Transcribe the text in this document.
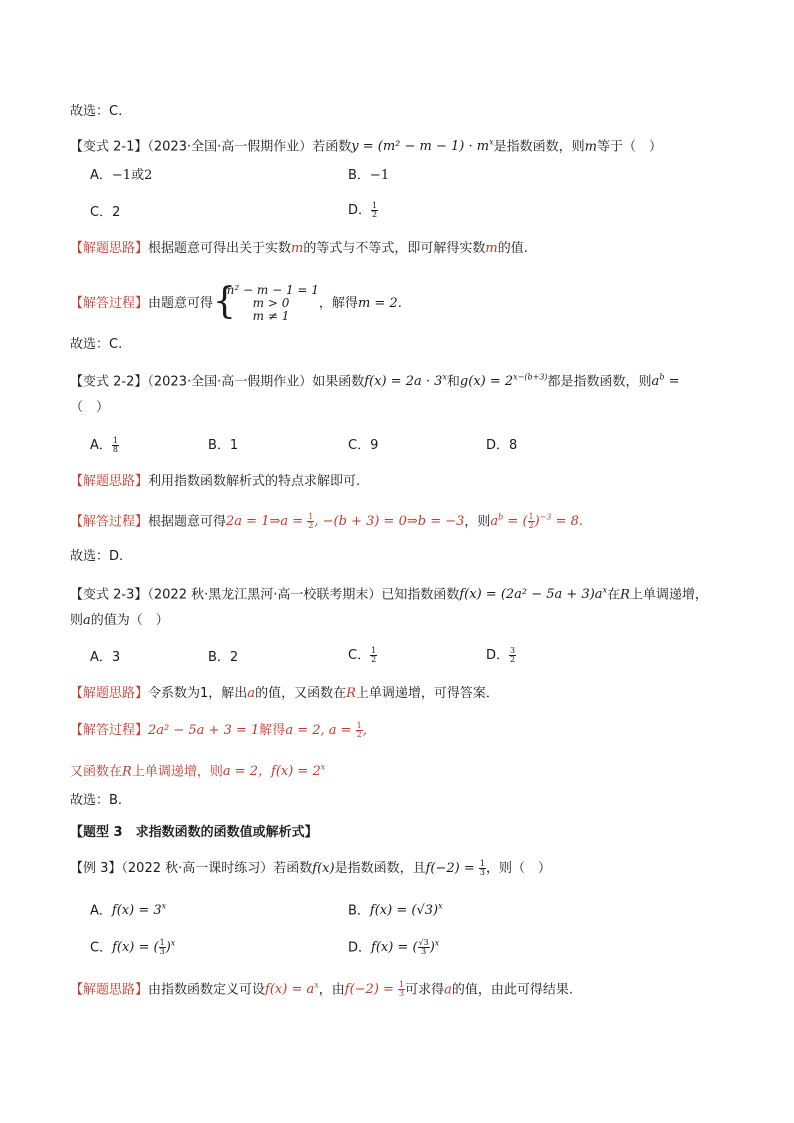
故选：C.
【变式 2-1】（2023·全国·高一假期作业）若函数$y = (m^2 - m - 1) \cdot m^x$是指数函数，则m等于（　）
A．−1或2	B．−1
C．2	D． $\frac{1}{2}$
【解题思路】根据题意可得出关于实数m的等式与不等式，即可解得实数m的值.
【解答过程】由题意可得 {
m² − m − 1 = 1
m > 0
m ≠ 1
，解得m = 2.
故选：C.
【变式 2-2】（2023·全国·高一假期作业）如果函数$f(x) = 2a \cdot 3^x$和$g(x) = 2^{x-(b+3)}$都是指数函数，则$a^b$ =
（　）
A． $\frac{1}{8}$	B．1	C．9	D．8
【解题思路】利用指数函数解析式的特点求解即可.
【解答过程】根据题意可得2a = 1⇒a = $\frac{1}{2}$ , −(b + 3) = 0⇒b = −3，则$a^b$ = ( $\frac{1}{2} )^{-3} = 8$.
故选：D.
【变式 2-3】（2022 秋·黑龙江黑河·高一校联考期末）已知指数函数$f(x) = (2a^2 - 5a + 3)a^x$在R上单调递增，
则a的值为（　）
A．3	B．2	C． $\frac{1}{2}$	D． $\frac{3}{2}$
【解题思路】令系数为1，解出a的值，又函数在R上单调递增，可得答案．
【解答过程】2a² − 5a + 3 = 1解得a = 2, $a = \frac{1}{2}$ ,
又函数在R上单调递增，则a = 2，$f(x) = 2^x$
故选：B.
【题型 3　求指数函数的函数值或解析式】
【例 3】（2022 秋·高一课时练习）若函数f(x)是指数函数，且$f(-2) = \frac{1}{3}$ ，则（　）
A．$f(x) = 3^x$	B．$f(x) = (√3)^x$
C．f(x) = ( $\frac{1}{3} )^x$	D．f(x) = ( $\frac{√3}{3} )^x$
【解题思路】由指数函数定义可设$f(x) = a^x$，由$f(-2) = \frac{1}{3}$ 可求得a的值，由此可得结果.
